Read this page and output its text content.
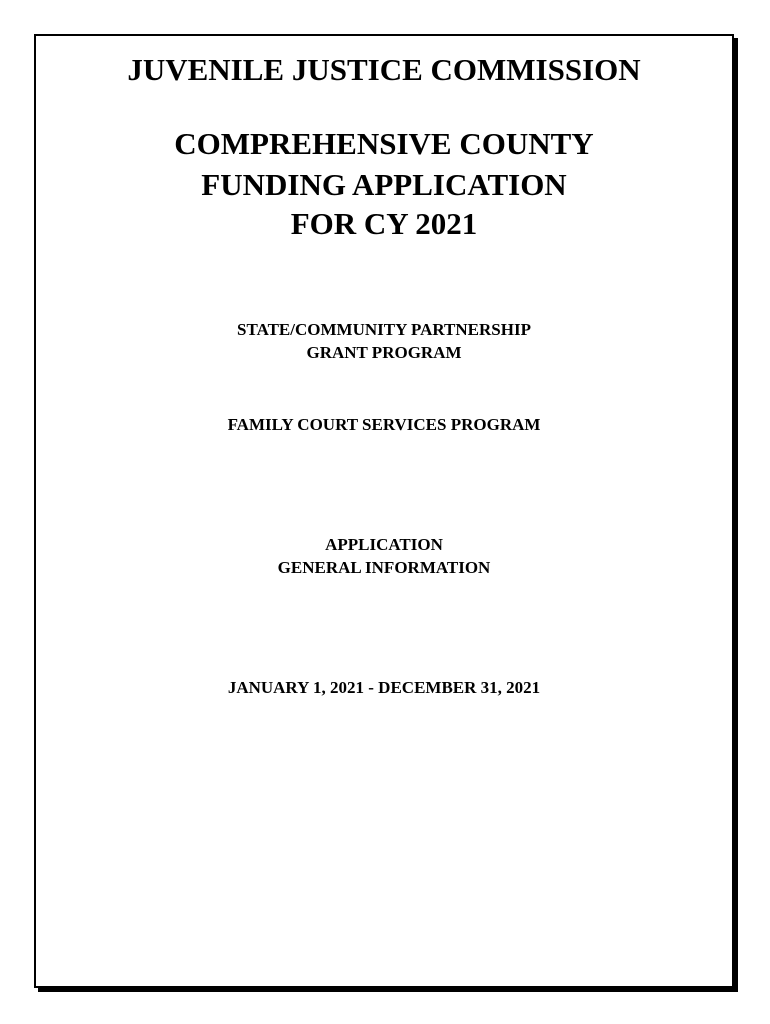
JUVENILE JUSTICE COMMISSION
COMPREHENSIVE COUNTY
FUNDING APPLICATION
FOR CY 2021
STATE/COMMUNITY PARTNERSHIP
GRANT PROGRAM
FAMILY COURT SERVICES PROGRAM
APPLICATION
GENERAL INFORMATION
JANUARY 1, 2021 - DECEMBER 31, 2021
